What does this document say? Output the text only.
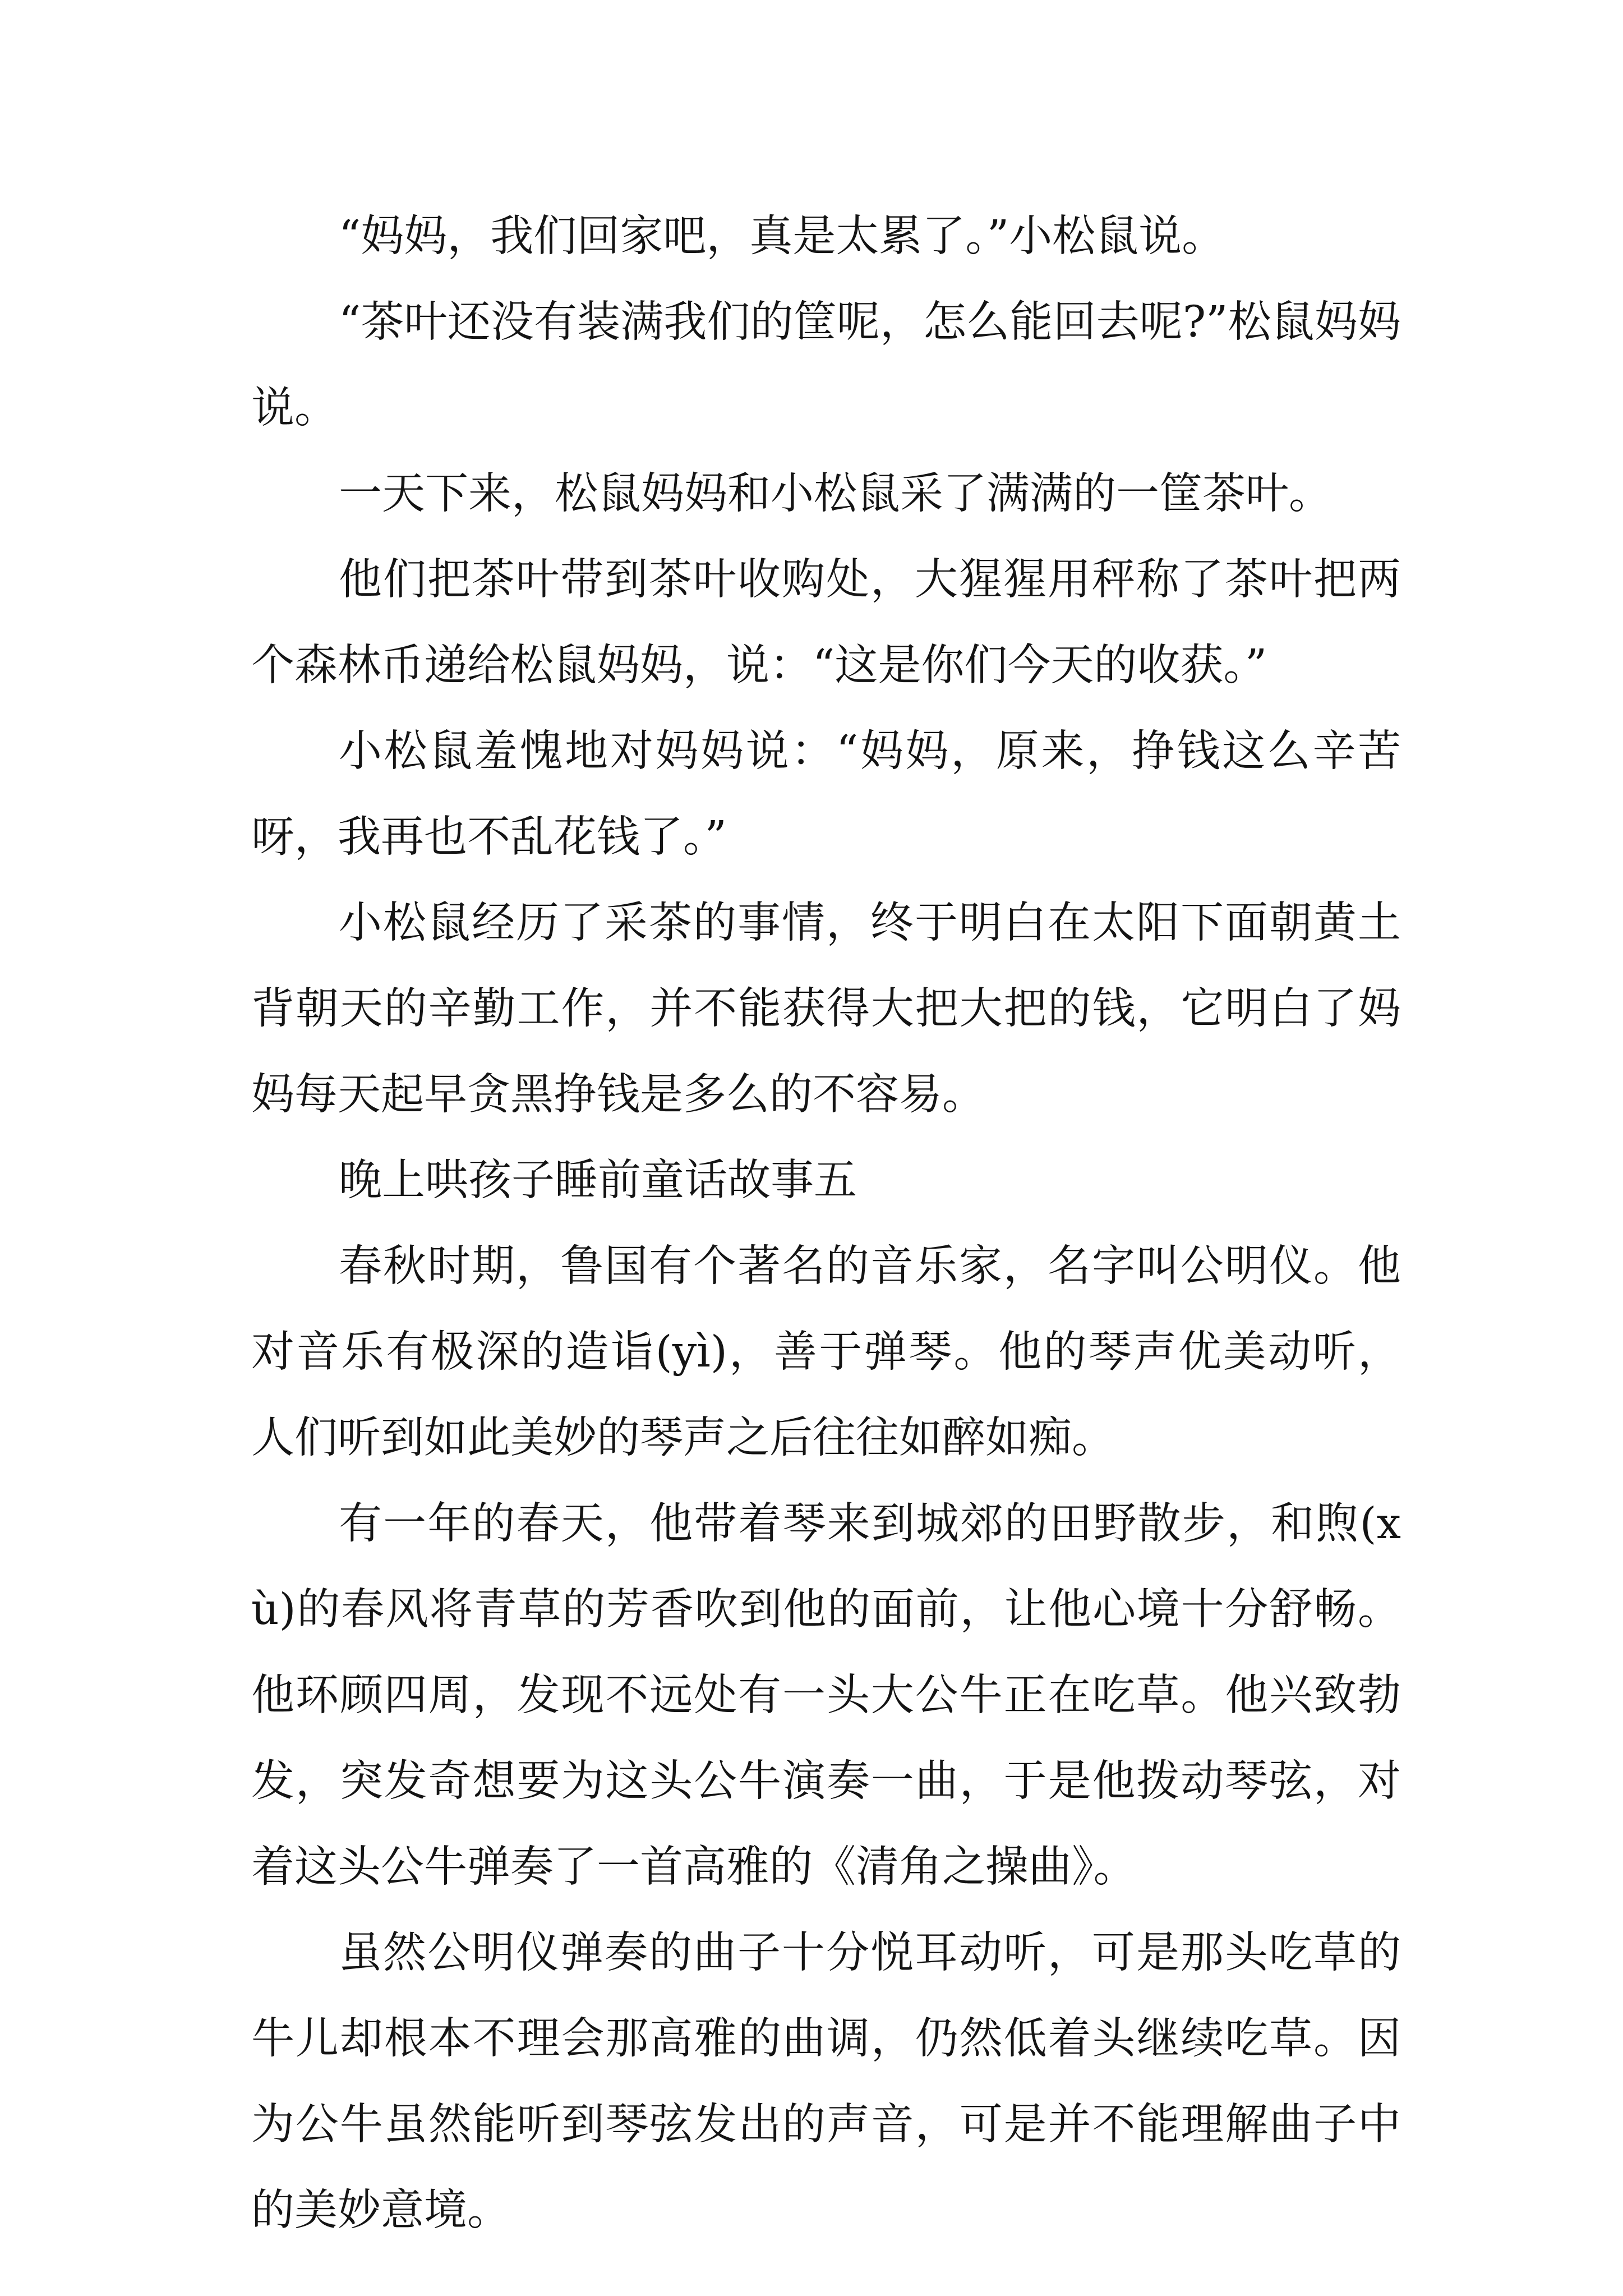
“妈妈，我们回家吧，真是太累了。”小松鼠说。

“茶叶还没有装满我们的筐呢，怎么能回去呢?”松鼠妈妈说。

一天下来，松鼠妈妈和小松鼠采了满满的一筐茶叶。

他们把茶叶带到茶叶收购处，大猩猩用秤称了茶叶把两个森林币递给松鼠妈妈，说：“这是你们今天的收获。”

小松鼠羞愧地对妈妈说：“妈妈，原来，挣钱这么辛苦呀，我再也不乱花钱了。”

小松鼠经历了采茶的事情，终于明白在太阳下面朝黄土背朝天的辛勤工作，并不能获得大把大把的钱，它明白了妈妈每天起早贪黑挣钱是多么的不容易。

晚上哄孩子睡前童话故事五

春秋时期，鲁国有个著名的音乐家，名字叫公明仪。他对音乐有极深的造诣(yì)，善于弹琴。他的琴声优美动听，人们听到如此美妙的琴声之后往往如醉如痴。

有一年的春天，他带着琴来到城郊的田野散步，和煦(xù)的春风将青草的芳香吹到他的面前，让他心境十分舒畅。他环顾四周，发现不远处有一头大公牛正在吃草。他兴致勃发，突发奇想要为这头公牛演奏一曲，于是他拨动琴弦，对着这头公牛弹奏了一首高雅的《清角之操曲》。

虽然公明仪弹奏的曲子十分悦耳动听，可是那头吃草的牛儿却根本不理会那高雅的曲调，仍然低着头继续吃草。因为公牛虽然能听到琴弦发出的声音，可是并不能理解曲子中的美妙意境。
